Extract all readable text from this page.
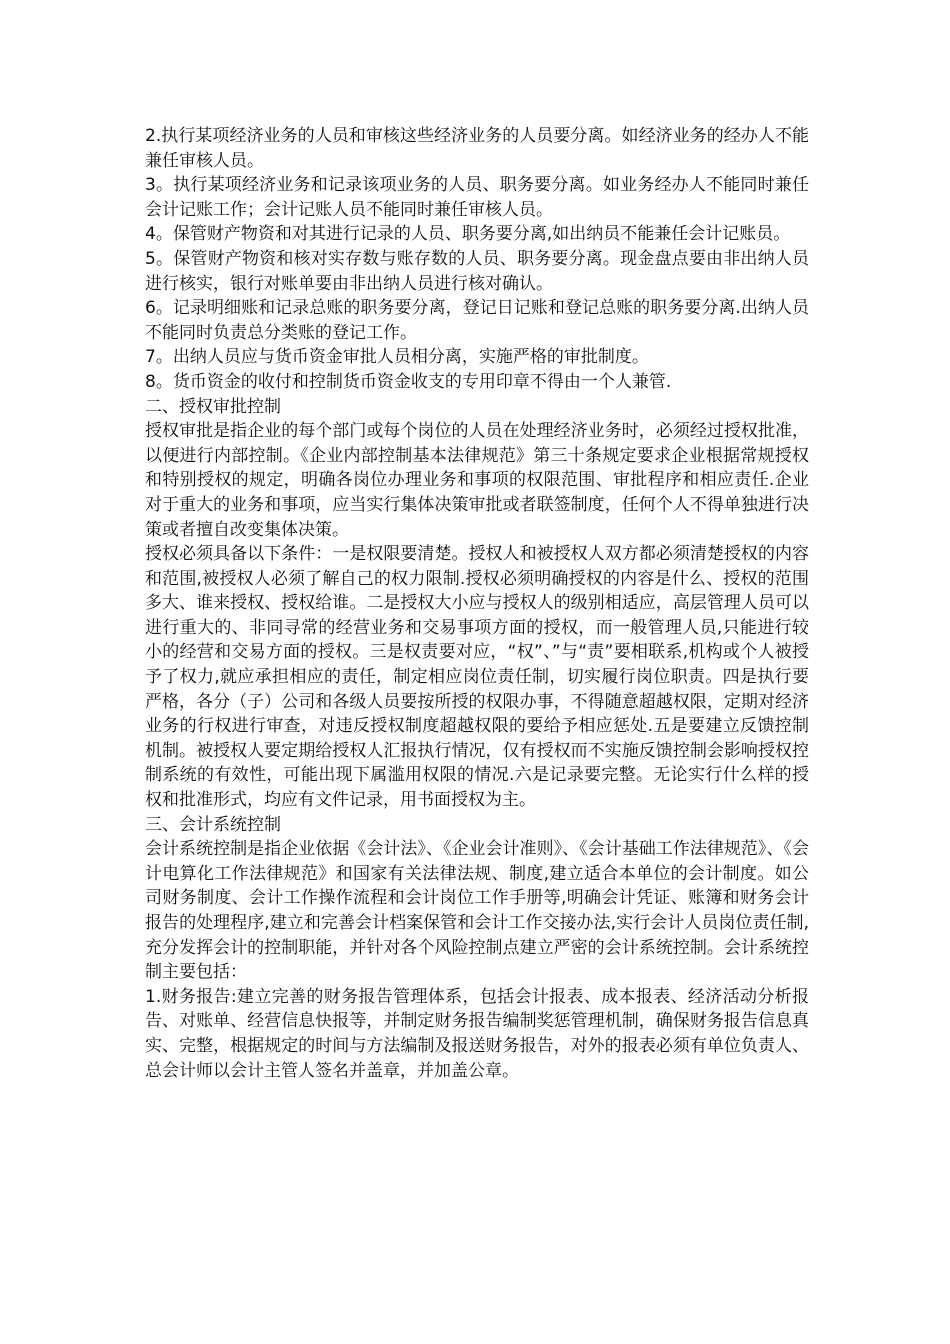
2.执行某项经济业务的人员和审核这些经济业务的人员要分离。如经济业务的经办人不能兼任审核人员。

3。执行某项经济业务和记录该项业务的人员、职务要分离。如业务经办人不能同时兼任会计记账工作；会计记账人员不能同时兼任审核人员。

4。保管财产物资和对其进行记录的人员、职务要分离,如出纳员不能兼任会计记账员。

5。保管财产物资和核对实存数与账存数的人员、职务要分离。现金盘点要由非出纳人员进行核实，银行对账单要由非出纳人员进行核对确认。

6。记录明细账和记录总账的职务要分离，登记日记账和登记总账的职务要分离.出纳人员不能同时负责总分类账的登记工作。

7。出纳人员应与货币资金审批人员相分离，实施严格的审批制度。

8。货币资金的收付和控制货币资金收支的专用印章不得由一个人兼管.

二、授权审批控制

授权审批是指企业的每个部门或每个岗位的人员在处理经济业务时，必须经过授权批准，以便进行内部控制。《企业内部控制基本法律规范》第三十条规定要求企业根据常规授权和特别授权的规定，明确各岗位办理业务和事项的权限范围、审批程序和相应责任.企业对于重大的业务和事项，应当实行集体决策审批或者联签制度，任何个人不得单独进行决策或者擅自改变集体决策。

授权必须具备以下条件：一是权限要清楚。授权人和被授权人双方都必须清楚授权的内容和范围,被授权人必须了解自己的权力限制.授权必须明确授权的内容是什么、授权的范围多大、谁来授权、授权给谁。二是授权大小应与授权人的级别相适应，高层管理人员可以进行重大的、非同寻常的经营业务和交易事项方面的授权，而一般管理人员,只能进行较小的经营和交易方面的授权。三是权责要对应，“权”、”与“责”要相联系,机构或个人被授予了权力,就应承担相应的责任，制定相应岗位责任制，切实履行岗位职责。四是执行要严格，各分（子）公司和各级人员要按所授的权限办事，不得随意超越权限，定期对经济业务的行权进行审查，对违反授权制度超越权限的要给予相应惩处.五是要建立反馈控制机制。被授权人要定期给授权人汇报执行情况，仅有授权而不实施反馈控制会影响授权控制系统的有效性，可能出现下属滥用权限的情况.六是记录要完整。无论实行什么样的授权和批准形式，均应有文件记录，用书面授权为主。

三、会计系统控制

会计系统控制是指企业依据《会计法》、《企业会计准则》、《会计基础工作法律规范》、《会计电算化工作法律规范》和国家有关法律法规、制度,建立适合本单位的会计制度。如公司财务制度、会计工作操作流程和会计岗位工作手册等,明确会计凭证、账簿和财务会计报告的处理程序,建立和完善会计档案保管和会计工作交接办法,实行会计人员岗位责任制,充分发挥会计的控制职能，并针对各个风险控制点建立严密的会计系统控制。会计系统控制主要包括：

1.财务报告:建立完善的财务报告管理体系，包括会计报表、成本报表、经济活动分析报告、对账单、经营信息快报等，并制定财务报告编制奖惩管理机制，确保财务报告信息真实、完整，根据规定的时间与方法编制及报送财务报告，对外的报表必须有单位负责人、总会计师以会计主管人签名并盖章，并加盖公章。
